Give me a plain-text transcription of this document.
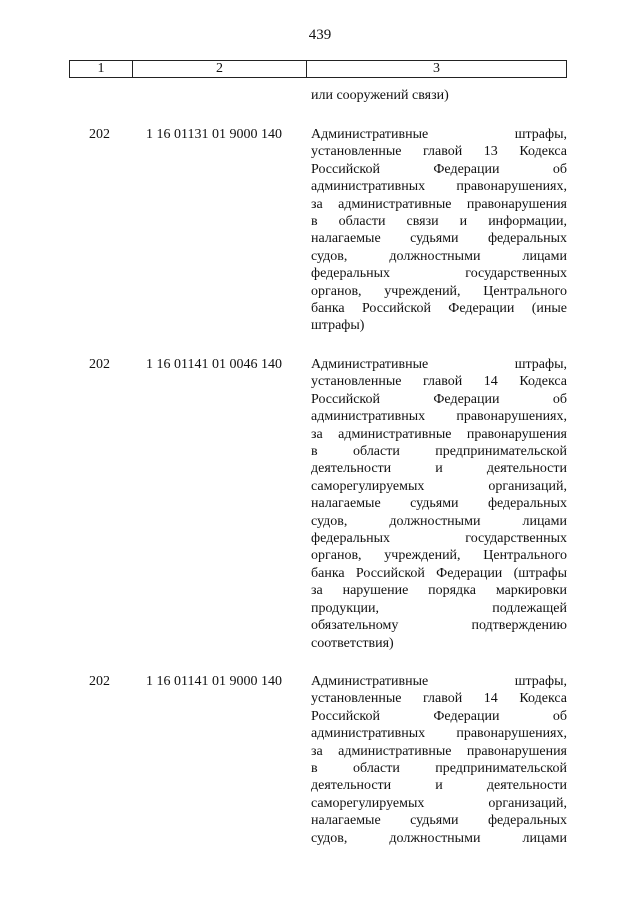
439
1	2	3
или сооружений связи)
202	1 16 01131 01 9000 140	Административные штрафы,
установленные главой 13 Кодекса
Российской Федерации об
административных правонарушениях,
за административные правонарушения
в области связи и информации,
налагаемые судьями федеральных
судов, должностными лицами
федеральных государственных
органов, учреждений, Центрального
банка Российской Федерации (иные
штрафы)
202	1 16 01141 01 0046 140	Административные штрафы,
установленные главой 14 Кодекса
Российской Федерации об
административных правонарушениях,
за административные правонарушения
в области предпринимательской
деятельности и деятельности
саморегулируемых организаций,
налагаемые судьями федеральных
судов, должностными лицами
федеральных государственных
органов, учреждений, Центрального
банка Российской Федерации (штрафы
за нарушение порядка маркировки
продукции, подлежащей
обязательному подтверждению
соответствия)
202	1 16 01141 01 9000 140	Административные штрафы,
установленные главой 14 Кодекса
Российской Федерации об
административных правонарушениях,
за административные правонарушения
в области предпринимательской
деятельности и деятельности
саморегулируемых организаций,
налагаемые судьями федеральных
судов, должностными лицами
